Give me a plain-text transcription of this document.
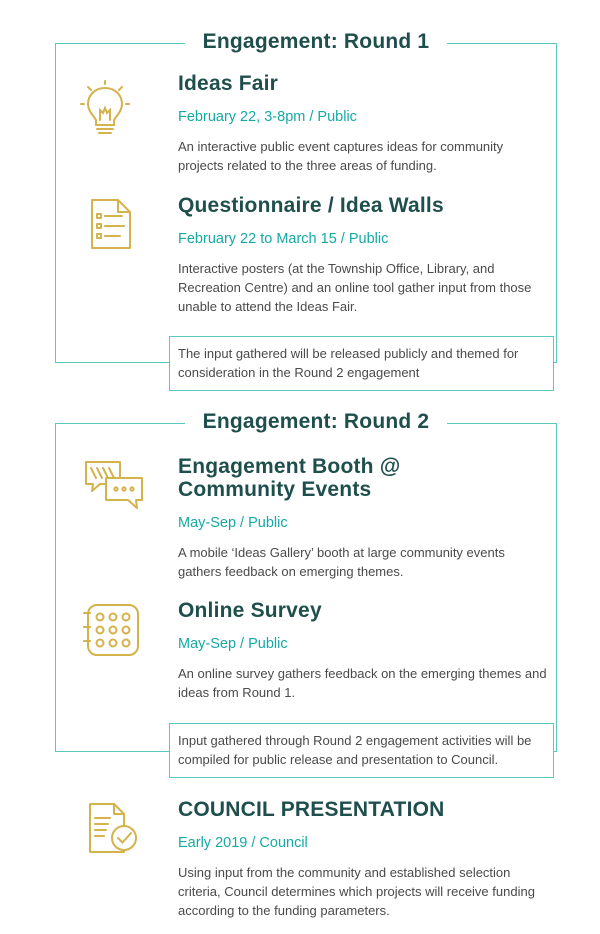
Engagement: Round 1
Ideas Fair
February 22, 3-8pm / Public
An interactive public event captures ideas for community projects related to the three areas of funding.
Questionnaire / Idea Walls
February 22 to March 15 / Public
Interactive posters (at the Township Office, Library, and Recreation Centre) and an online tool gather input from those unable to attend the Ideas Fair.
The input gathered will be released publicly and themed for consideration in the Round 2 engagement
Engagement: Round 2
Engagement Booth @ Community Events
May-Sep / Public
A mobile ‘Ideas Gallery’ booth at large community events gathers feedback on emerging themes.
Online Survey
May-Sep / Public
An online survey gathers feedback on the emerging themes and ideas from Round 1.
Input gathered through Round 2 engagement activities will be compiled for public release and presentation to Council.
COUNCIL PRESENTATION
Early 2019 / Council
Using input from the community and established selection criteria, Council determines which projects will receive funding according to the funding parameters.
